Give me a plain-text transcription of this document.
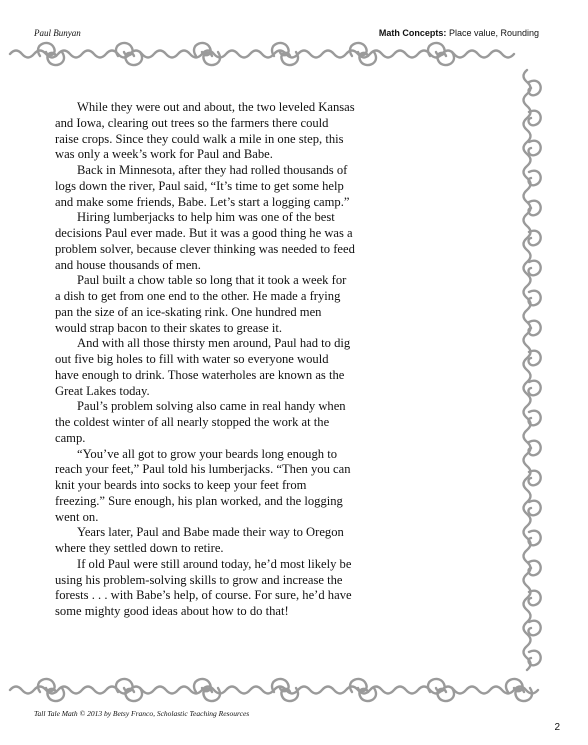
Paul Bunyan	Math Concepts: Place value, Rounding

While they were out and about, the two leveled Kansas and Iowa, clearing out trees so the farmers there could raise crops. Since they could walk a mile in one step, this was only a week’s work for Paul and Babe.

Back in Minnesota, after they had rolled thousands of logs down the river, Paul said, “It’s time to get some help and make some friends, Babe. Let’s start a logging camp.”

Hiring lumberjacks to help him was one of the best decisions Paul ever made. But it was a good thing he was a problem solver, because clever thinking was needed to feed and house thousands of men.

Paul built a chow table so long that it took a week for a dish to get from one end to the other. He made a frying pan the size of an ice-skating rink. One hundred men would strap bacon to their skates to grease it.

And with all those thirsty men around, Paul had to dig out five big holes to fill with water so everyone would have enough to drink. Those waterholes are known as the Great Lakes today.

Paul’s problem solving also came in real handy when the coldest winter of all nearly stopped the work at the camp.

“You’ve all got to grow your beards long enough to reach your feet,” Paul told his lumberjacks. “Then you can knit your beards into socks to keep your feet from freezing.” Sure enough, his plan worked, and the logging went on.

Years later, Paul and Babe made their way to Oregon where they settled down to retire.

If old Paul were still around today, he’d most likely be using his problem-solving skills to grow and increase the forests . . . with Babe’s help, of course. For sure, he’d have some mighty good ideas about how to do that!

Tall Tale Math © 2013 by Betsy Franco, Scholastic Teaching Resources
2
